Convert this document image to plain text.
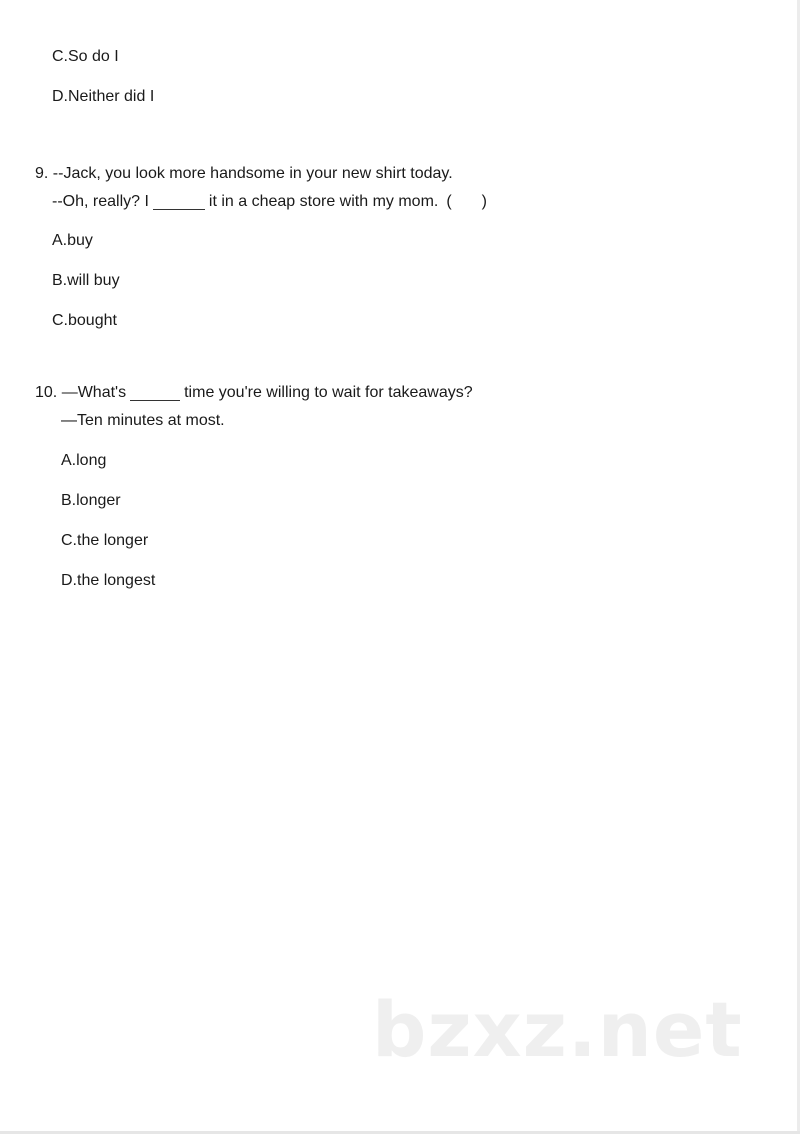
C.So do I
D.Neither did I
9. --Jack, you look more handsome in your new shirt today.
--Oh, really? I	it in a cheap store with my mom. ( )
A.buy
B.will buy
C.bought
10. —What's	time you're willing to wait for takeaways?
—Ten minutes at most.
A.long
B.longer
C.the longer
D.the longest
bzxz.net
